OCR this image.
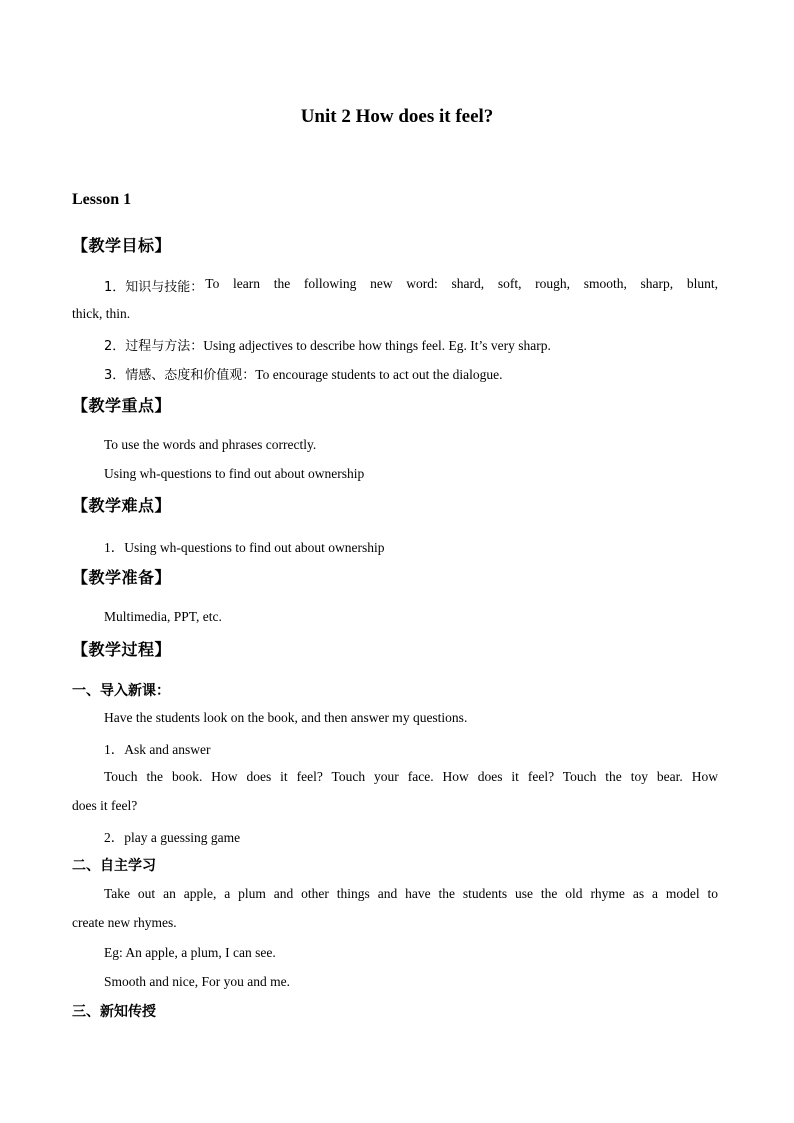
Unit 2 How does it feel?
Lesson 1
【教学目标】
1．知识与技能： To learn the following new word: shard, soft, rough, smooth, sharp, blunt,
thick, thin.
2．过程与方法：Using adjectives to describe how things feel. Eg. It’s very sharp.
3．情感、态度和价值观：To encourage students to act out the dialogue.
【教学重点】
To use the words and phrases correctly.
Using wh-questions to find out about ownership
【教学难点】
1．Using wh-questions to find out about ownership
【教学准备】
Multimedia, PPT, etc.
【教学过程】
一、导入新课：
Have the students look on the book, and then answer my questions.
1．Ask and answer
Touch the book. How does it feel? Touch your face. How does it feel? Touch the toy bear. How
does it feel?
2．play a guessing game
二、自主学习
Take out an apple, a plum and other things and have the students use the old rhyme as a model to
create new rhymes.
Eg: An apple, a plum, I can see.
Smooth and nice, For you and me.
三、新知传授
